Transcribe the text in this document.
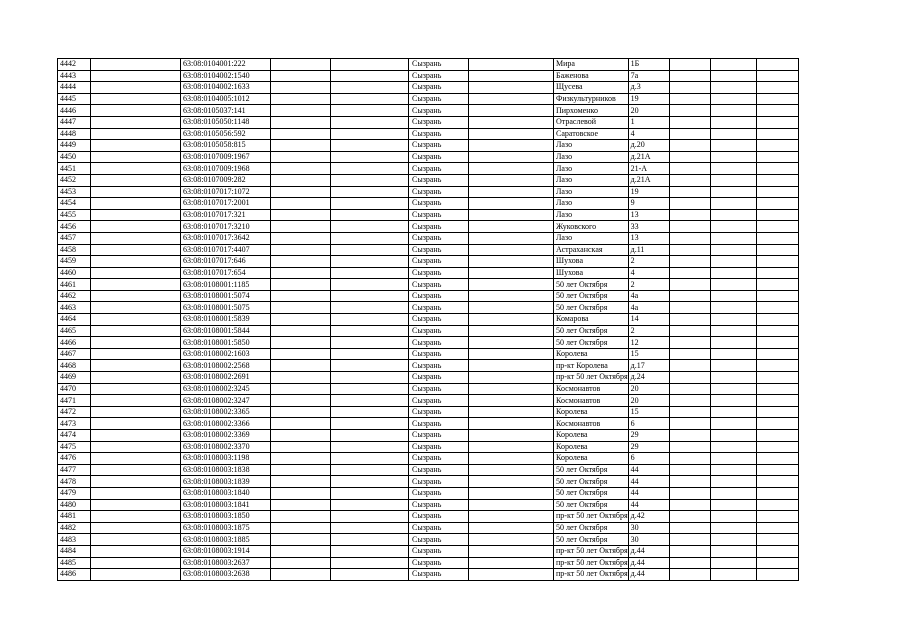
4442		63:08:0104001:222			Сызрань		Мира	1Б			
4443		63:08:0104002:1540			Сызрань		Баженова	7а			
4444		63:08:0104002:1633			Сызрань		Щусева	д.3			
4445		63:08:0104005:1012			Сызрань		Физкультурников	19			
4446		63:08:0105037:141			Сызрань		Пирхоменко	20			
4447		63:08:0105050:1148			Сызрань		Отраслевой	1			
4448		63:08:0105056:592			Сызрань		Саратовское	4			
4449		63:08:0105058:815			Сызрань		Лазо	д.20			
4450		63:08:0107009:1967			Сызрань		Лазо	д.21А			
4451		63:08:0107009:1968			Сызрань		Лазо	21-А			
4452		63:08:0107009:282			Сызрань		Лазо	д.21А			
4453		63:08:0107017:1072			Сызрань		Лазо	19			
4454		63:08:0107017:2001			Сызрань		Лазо	9			
4455		63:08:0107017:321			Сызрань		Лазо	13			
4456		63:08:0107017:3210			Сызрань		Жуковского	33			
4457		63:08:0107017:3642			Сызрань		Лазо	13			
4458		63:08:0107017:4407			Сызрань		Астраханская	д.11			
4459		63:08:0107017:646			Сызрань		Шухова	2			
4460		63:08:0107017:654			Сызрань		Шухова	4			
4461		63:08:0108001:1185			Сызрань		50 лет Октября	2			
4462		63:08:0108001:5074			Сызрань		50 лет Октября	4а			
4463		63:08:0108001:5075			Сызрань		50 лет Октября	4а			
4464		63:08:0108001:5839			Сызрань		Комарова	14			
4465		63:08:0108001:5844			Сызрань		50 лет Октября	2			
4466		63:08:0108001:5850			Сызрань		50 лет Октября	12			
4467		63:08:0108002:1603			Сызрань		Королева	15			
4468		63:08:0108002:2568			Сызрань		пр-кт Королева	д.17			
4469		63:08:0108002:2691			Сызрань		пр-кт 50 лет Октября	д.24			
4470		63:08:0108002:3245			Сызрань		Космонавтов	20			
4471		63:08:0108002:3247			Сызрань		Космонавтов	20			
4472		63:08:0108002:3365			Сызрань		Королева	15			
4473		63:08:0108002:3366			Сызрань		Космонавтов	6			
4474		63:08:0108002:3369			Сызрань		Королева	29			
4475		63:08:0108002:3370			Сызрань		Королева	29			
4476		63:08:0108003:1198			Сызрань		Королева	6			
4477		63:08:0108003:1838			Сызрань		50 лет Октября	44			
4478		63:08:0108003:1839			Сызрань		50 лет Октября	44			
4479		63:08:0108003:1840			Сызрань		50 лет Октября	44			
4480		63:08:0108003:1841			Сызрань		50 лет Октября	44			
4481		63:08:0108003:1850			Сызрань		пр-кт 50 лет Октября	д.42			
4482		63:08:0108003:1875			Сызрань		50 лет Октября	30			
4483		63:08:0108003:1885			Сызрань		50 лет Октября	30			
4484		63:08:0108003:1914			Сызрань		пр-кт 50 лет Октября	д.44			
4485		63:08:0108003:2637			Сызрань		пр-кт 50 лет Октября	д.44			
4486		63:08:0108003:2638			Сызрань		пр-кт 50 лет Октября	д.44			
